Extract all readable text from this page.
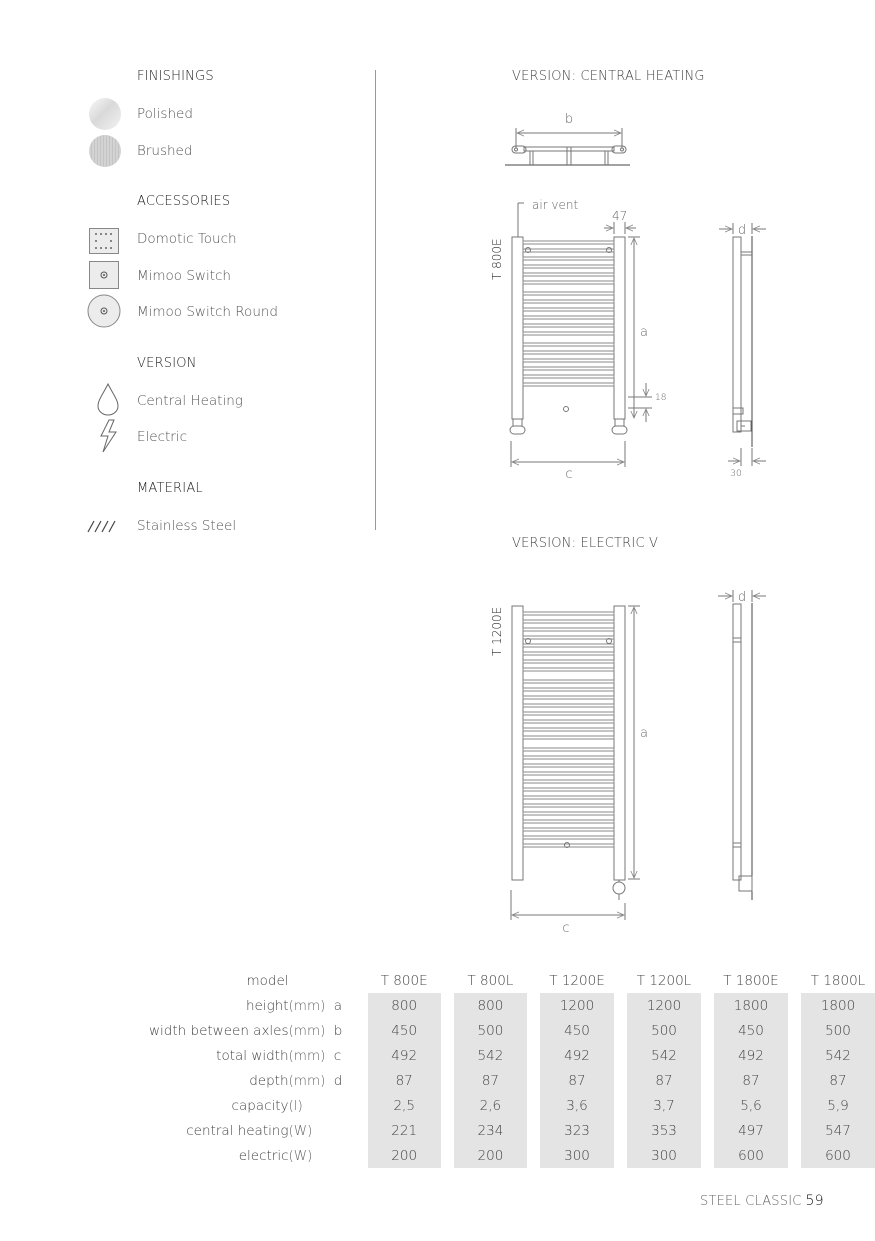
FINISHINGS
Polished
Brushed
ACCESSORIES
Domotic Touch
Mimoo Switch
Mimoo Switch Round
VERSION
Central Heating
Electric
MATERIAL
Stainless Steel
VERSION: CENTRAL HEATING
VERSION: ELECTRIC V
b
air vent
47
a
18
c
T 800E
d
30
a
c
T 1200E
d
model			T 800E	T 800L	T 1200E	T 1200L	T 1800E	T 1800L
height	(mm)	a	800	800	1200	1200	1800	1800
width between axles	(mm)	b	450	500	450	500	450	500
total width	(mm)	c	492	542	492	542	492	542
depth	(mm)	d	87	87	87	87	87	87
capacity	(l)		2,5	2,6	3,6	3,7	5,6	5,9
central heating	(W)		221	234	323	353	497	547
electric	(W)		200	200	300	300	600	600
STEEL CLASSIC 59
